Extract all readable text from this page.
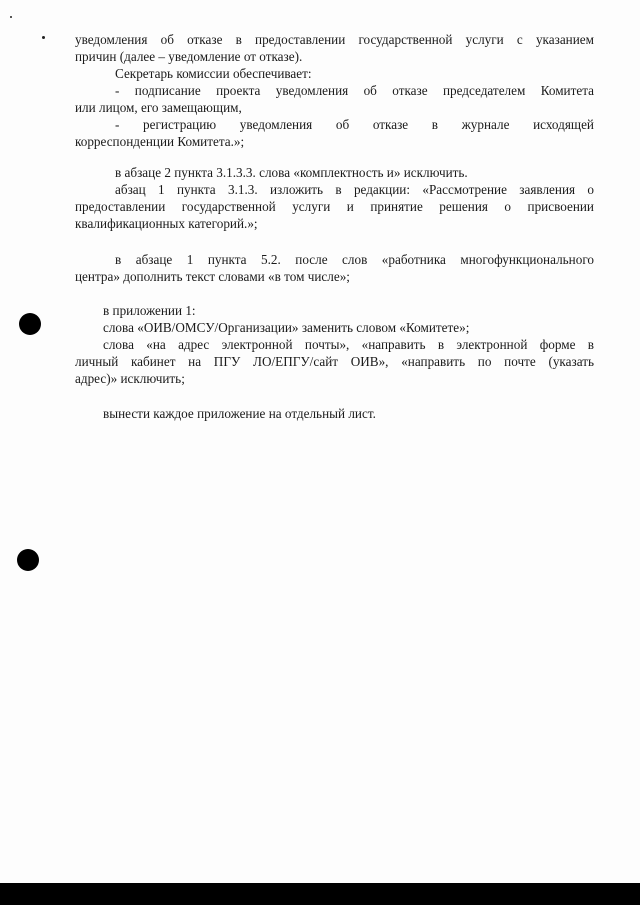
уведомления об отказе в предоставлении государственной услуги с указанием
причин (далее – уведомление от отказе).
Секретарь комиссии обеспечивает:
- подписание проекта уведомления об отказе председателем Комитета
или лицом, его замещающим,
- регистрацию уведомления об отказе в журнале исходящей
корреспонденции Комитета.»;
в абзаце 2 пункта 3.1.3.3. слова «комплектность и» исключить.
абзац 1 пункта 3.1.3. изложить в редакции: «Рассмотрение заявления о
предоставлении государственной услуги и принятие решения о присвоении
квалификационных категорий.»;
в абзаце 1 пункта 5.2. после слов «работника многофункционального
центра» дополнить текст словами «в том числе»;
в приложении 1:
слова «ОИВ/ОМСУ/Организации» заменить словом «Комитете»;
слова «на адрес электронной почты», «направить в электронной форме в
личный кабинет на ПГУ ЛО/ЕПГУ/сайт ОИВ», «направить по почте (указать
адрес)» исключить;
вынести каждое приложение на отдельный лист.
